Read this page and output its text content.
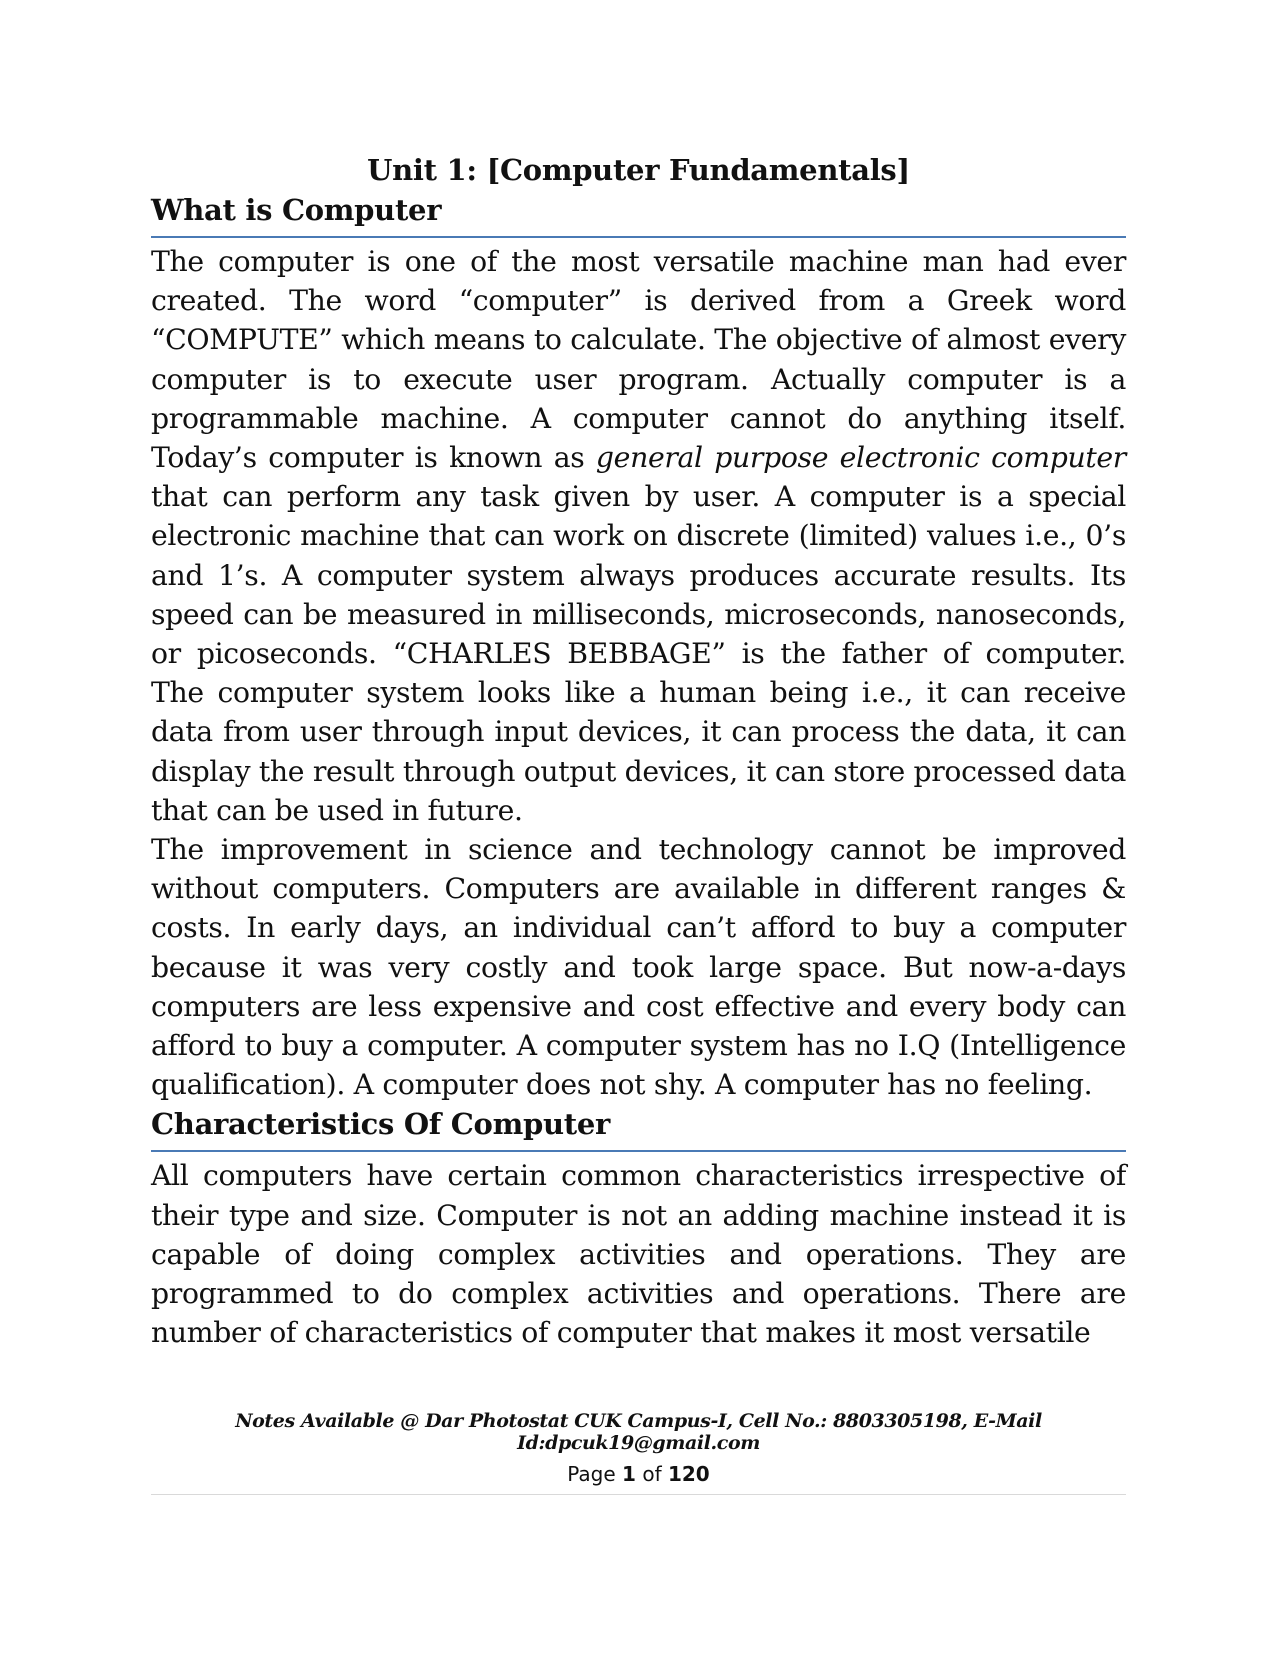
Unit 1: [Computer Fundamentals]
What is Computer

The computer is one of the most versatile machine man had ever created. The word “computer” is derived from a Greek word “COMPUTE” which means to calculate. The objective of almost every computer is to execute user program. Actually computer is a programmable machine. A computer cannot do anything itself. Today’s computer is known as general purpose electronic computer that can perform any task given by user. A computer is a special electronic machine that can work on discrete (limited) values i.e., 0’s and 1’s. A computer system always produces accurate results. Its speed can be measured in milliseconds, microseconds, nanoseconds, or picoseconds. “CHARLES BEBBAGE” is the father of computer. The computer system looks like a human being i.e., it can receive data from user through input devices, it can process the data, it can display the result through output devices, it can store processed data that can be used in future.

The improvement in science and technology cannot be improved without computers. Computers are available in different ranges & costs. In early days, an individual can’t afford to buy a computer because it was very costly and took large space. But now-a-days computers are less expensive and cost effective and every body can afford to buy a computer. A computer system has no I.Q (Intelligence qualification). A computer does not shy. A computer has no feeling.

Characteristics Of Computer

All computers have certain common characteristics irrespective of their type and size. Computer is not an adding machine instead it is capable of doing complex activities and operations. They are programmed to do complex activities and operations. There are number of characteristics of computer that makes it most versatile

Notes Available @ Dar Photostat CUK Campus-I, Cell No.: 8803305198, E-Mail Id:dpcuk19@gmail.com
Page 1 of 120
